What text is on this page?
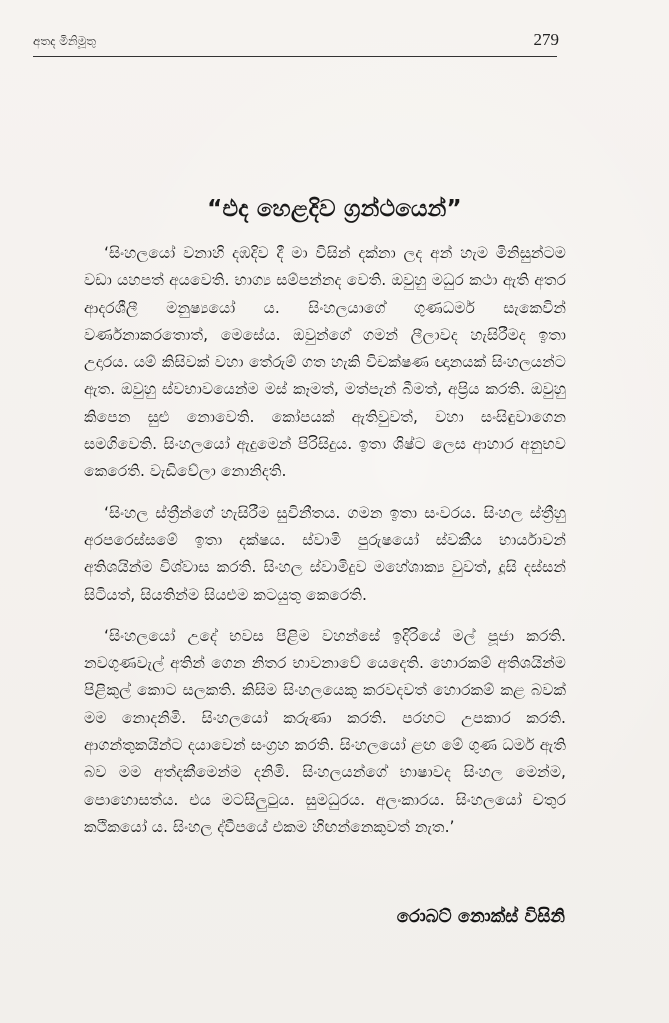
අතද මිනිමූතු	279
“එද හෙළදිව ග්‍රන්ථයෙන්”

‘සිංහලයෝ වනාහි දඹදිව දී මා විසින් දක්නා ලද අන් හැම මිනිසුන්ටම වඩා යහපත් අයවෙති. භාග්‍ය සම්පන්නද වෙති. ඔවුහු මධුර කථා ඇති අතර ආදරශීලී මනුෂ්‍යයෝ ය. සිංහලයාගේ ගුණධර්ම සැකෙවින් වර්ණනාකරතොත්, මෙසේය. ඔවුන්ගේ ගමන් ලීලාවද හැසිරීමද ඉතා උදාරය. යම් කිසිවක් වහා තේරුම් ගත හැකි විචක්ෂණ ඥානයක් සිංහලයන්ට ඇත. ඔවුහු ස්වභාවයෙන්ම මස් කෑමත්, මත්පැන් බීමත්, අප්‍රිය කරති. ඔවුහු කිපෙන සුළු නොවෙති. කෝපයක් ඇතිවුවත්, වහා සංසිඳුවාගෙන සමගිවෙති. සිංහලයෝ ඇදුමෙන් පිරිසිදුය. ඉතා ශිෂ්ට ලෙස ආහාර අනුභව කෙරෙති. වැඩිවේලා නොනිදති.

‘සිංහල ස්ත්‍රීන්ගේ හැසිරීම සුවිනීතය. ගමන ඉතා සංවරය. සිංහල ස්ත්‍රීහු අරපරෙස්සමේ ඉතා දක්ෂය. ස්වාමි පුරුෂයෝ ස්වකීය භාර්යාවන් අතිශයින්ම විශ්වාස කරති. සිංහල ස්වාමිදුව මහේශාක්‍ය වුවත්, දූසි දස්සන් සිටියත්, සියතින්ම සියළුම කටයුතු කෙරෙති.

‘සිංහලයෝ උදේ භවස පිළිම වහන්සේ ඉදිරියේ මල් පූජා කරති. නවගුණවැල් අතින් ගෙන නිතර භාවනාවේ යෙදෙති. හොරකම් අතිශයින්ම පිළිකුල් කොට සලකති. කිසිම සිංහලයෙකු කරවදවත් හොරකම් කළ බවක් මම නොදනිමි. සිංහලයෝ කරුණා කරති. පරහට උපකාර කරති. ආගන්තුකයින්ට දයාවෙන් සංග්‍රහ කරති. සිංහලයෝ ළඟ මේ ගුණ ධර්ම ඇති බව මම අත්දකීමෙන්ම දනිමි. සිංහලයන්ගේ භාෂාවද සිංහල මෙන්ම, පොහොසත්ය. එය මටසිලුටුය. සුමධුරය. අලංකාරය. සිංහලයෝ චතුර කථිකයෝ ය. සිංහල ද්වීපයේ එකම හිඟන්නෙකුවත් නැත.’

රොබට් නොක්ස් විසිනි
